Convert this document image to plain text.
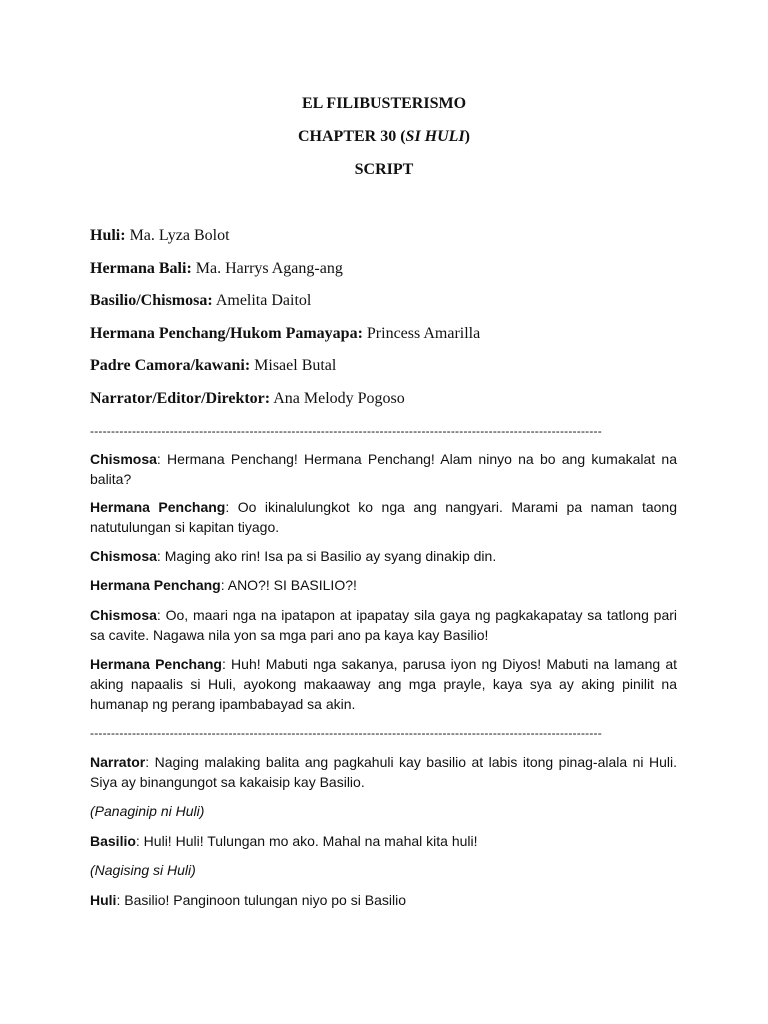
EL FILIBUSTERISMO
CHAPTER 30 (SI HULI)
SCRIPT
Huli: Ma. Lyza Bolot
Hermana Bali: Ma. Harrys Agang-ang
Basilio/Chismosa: Amelita Daitol
Hermana Penchang/Hukom Pamayapa: Princess Amarilla
Padre Camora/kawani: Misael Butal
Narrator/Editor/Direktor: Ana Melody Pogoso
--------------------------------------------------------------------------------------------------------------------------
Chismosa: Hermana Penchang! Hermana Penchang! Alam ninyo na bo ang kumakalat na balita?
Hermana Penchang: Oo ikinalulungkot ko nga ang nangyari. Marami pa naman taong natutulungan si kapitan tiyago.
Chismosa: Maging ako rin! Isa pa si Basilio ay syang dinakip din.
Hermana Penchang: ANO?! SI BASILIO?!
Chismosa: Oo, maari nga na ipatapon at ipapatay sila gaya ng pagkakapatay sa tatlong pari sa cavite. Nagawa nila yon sa mga pari ano pa kaya kay Basilio!
Hermana Penchang: Huh! Mabuti nga sakanya, parusa iyon ng Diyos! Mabuti na lamang at aking napaalis si Huli, ayokong makaaway ang mga prayle, kaya sya ay aking pinilit na humanap ng perang ipambabayad sa akin.
--------------------------------------------------------------------------------------------------------------------------
Narrator: Naging malaking balita ang pagkahuli kay basilio at labis itong pinag-alala ni Huli. Siya ay binangungot sa kakaisip kay Basilio.
(Panaginip ni Huli)
Basilio: Huli! Huli! Tulungan mo ako. Mahal na mahal kita huli!
(Nagising si Huli)
Huli: Basilio! Panginoon tulungan niyo po si Basilio
